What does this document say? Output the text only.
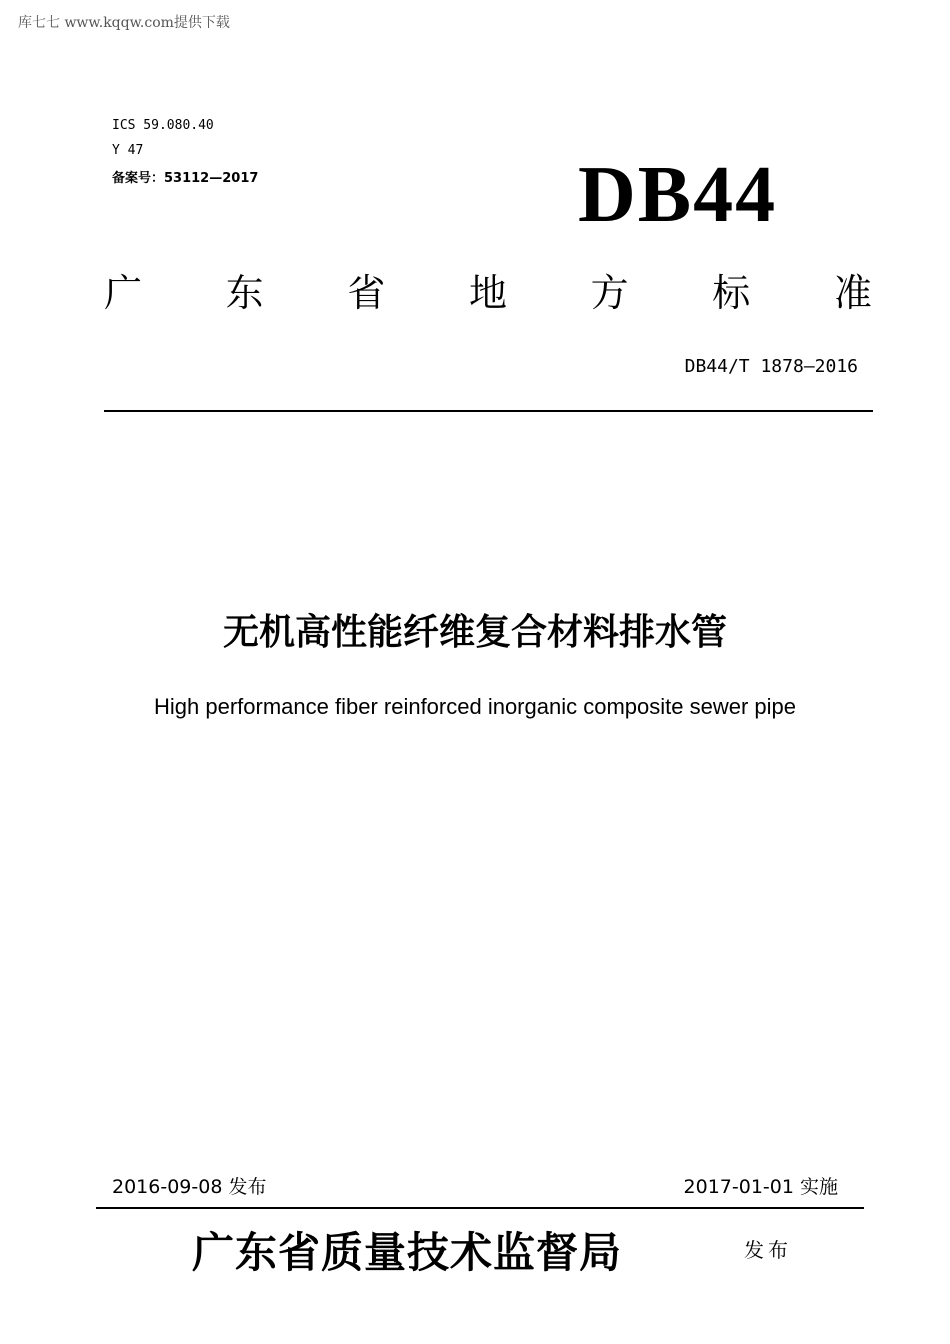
库七七 www.kqqw.com提供下载
ICS 59.080.40
Y 47
备案号：53112—2017	DB44
广 东 省 地 方 标 准
DB44/T 1878—2016
无机高性能纤维复合材料排水管
High performance fiber reinforced inorganic composite sewer pipe
2016-09-08 发布	2017-01-01 实施
广东省质量技术监督局	发布
